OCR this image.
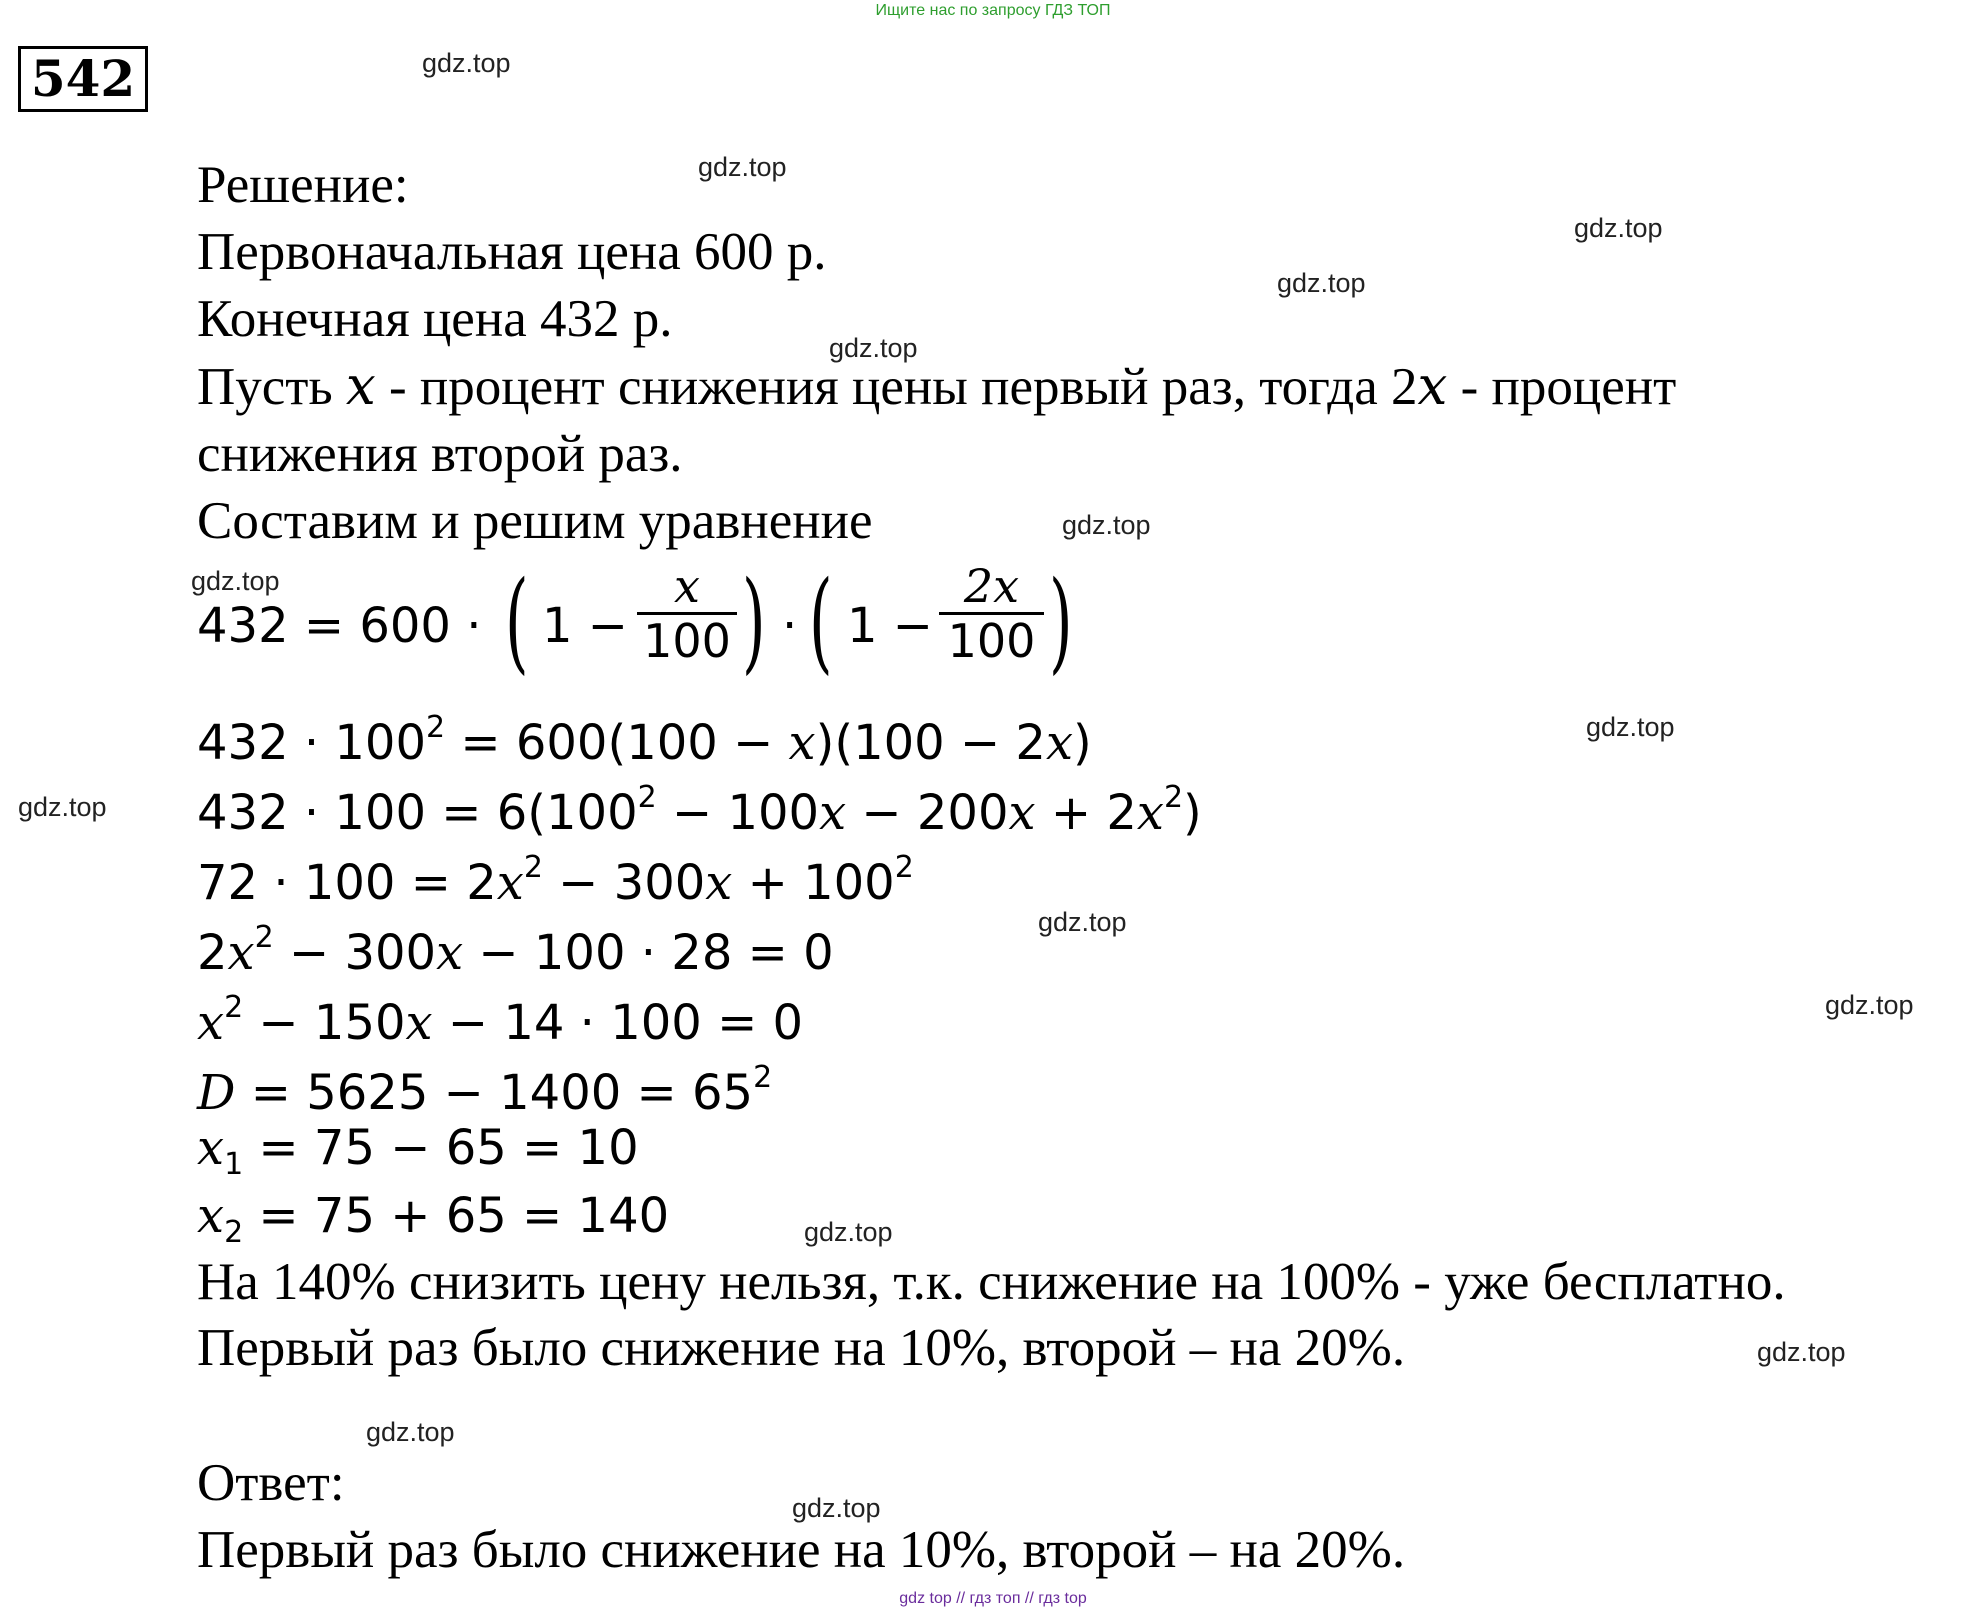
Ищите нас по запросу ГДЗ ТОП
542	gdz.top
gdz.top
gdz.top
gdz.top
gdz.top
gdz.top
gdz.top
gdz.top
gdz.top
gdz.top
gdz.top
gdz.top
gdz.top
gdz.top
gdz.top
Решение:
Первоначальная цена 600 р.
Конечная цена 432 р.
Пусть x - процент снижения цены первый раз, тогда 2x - процент
снижения второй раз.
Составим и решим уравнение
432 = 600 · ( 1 −
x
100 ) · ( 1 −
2x
100 )
$432 \cdot 100^2 = 600(100 - x)(100 - 2x)$
$432 \cdot 100 = 6(100^2 - 100x - 200x + 2x^2)$
$72 \cdot 100 = 2x^2 - 300x + 100^2$
$2x^2 - 300x - 100 \cdot 28 = 0$
$x^2 - 150x - 14 \cdot 100 = 0$
$D = 5625 - 1400 = 65^2$
$x_1 = 75 - 65 = 10$
$x_2 = 75 + 65 = 140$
На 140% снизить цену нельзя, т.к. снижение на 100% - уже бесплатно.
Первый раз было снижение на 10%, второй – на 20%.
Ответ:
Первый раз было снижение на 10%, второй – на 20%.
gdz top // гдз топ // гдз top
